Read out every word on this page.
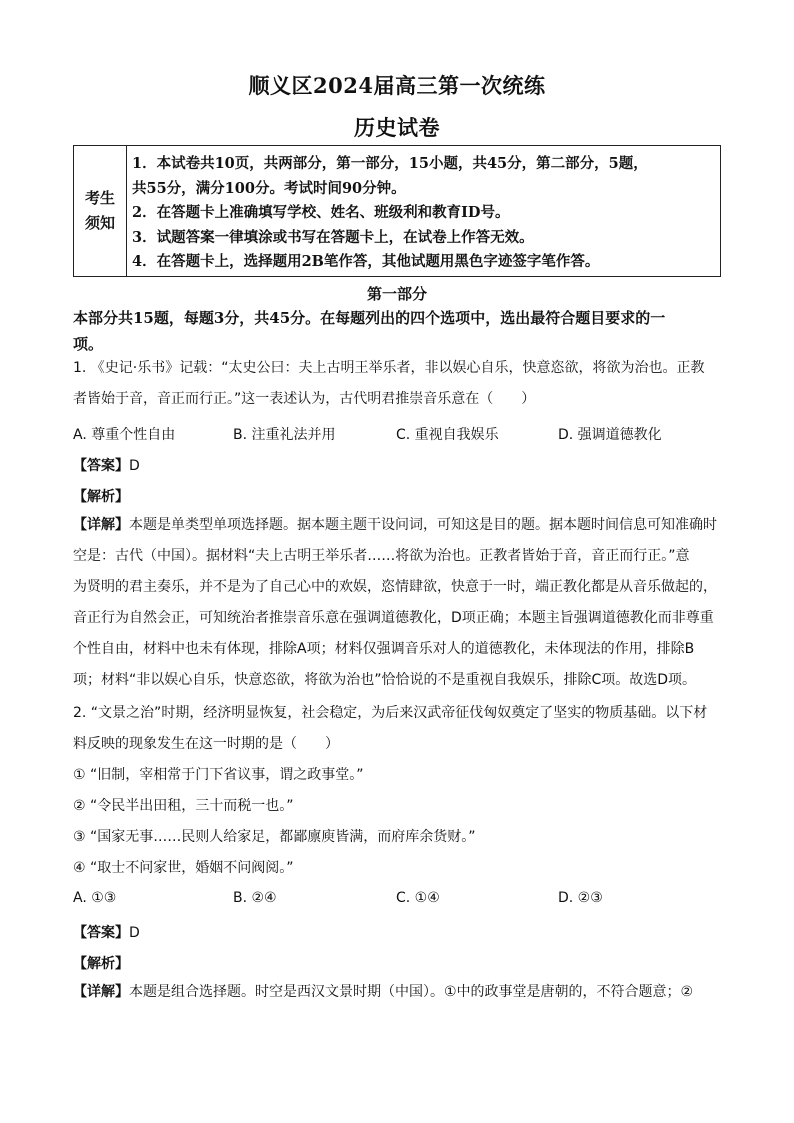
顺义区2024届高三第一次统练
历史试卷
考生
须知
1．本试卷共10页，共两部分，第一部分，15小题，共45分，第二部分，5题，
共55分，满分100分。考试时间90分钟。
2．在答题卡上准确填写学校、姓名、班级利和教育ID号。
3．试题答案一律填涂或书写在答题卡上，在试卷上作答无效。
4．在答题卡上，选择题用2B笔作答，其他试题用黑色字迹签字笔作答。
第一部分
本部分共15题，每题3分，共45分。在每题列出的四个选项中，选出最符合题目要求的一
项。
1. 《史记·乐书》记载：“太史公曰：夫上古明王举乐者，非以娱心自乐，快意恣欲，将欲为治也。正教
者皆始于音，音正而行正。”这一表述认为，古代明君推崇音乐意在（　　）
A. 尊重个性自由	B. 注重礼法并用	C. 重视自我娱乐	D. 强调道德教化
【答案】D
【解析】
【详解】本题是单类型单项选择题。据本题主题干设问词，可知这是目的题。据本题时间信息可知准确时
空是：古代（中国）。据材料“夫上古明王举乐者……将欲为治也。正教者皆始于音，音正而行正。”意
为贤明的君主奏乐，并不是为了自己心中的欢娱，恣情肆欲，快意于一时，端正教化都是从音乐做起的，
音正行为自然会正，可知统治者推崇音乐意在强调道德教化，D项正确；本题主旨强调道德教化而非尊重
个性自由，材料中也未有体现，排除A项；材料仅强调音乐对人的道德教化，未体现法的作用，排除B
项；材料“非以娱心自乐，快意恣欲，将欲为治也”恰恰说的不是重视自我娱乐，排除C项。故选D项。
2. “文景之治”时期，经济明显恢复，社会稳定，为后来汉武帝征伐匈奴奠定了坚实的物质基础。以下材
料反映的现象发生在这一时期的是（　　）
① “旧制，宰相常于门下省议事，谓之政事堂。”
② “令民半出田租，三十而税一也。”
③ “国家无事……民则人给家足，都鄙廪庾皆满，而府库余货财。”
④ “取士不问家世，婚姻不问阀阅。”
A. ①③	B. ②④	C. ①④	D. ②③
【答案】D
【解析】
【详解】本题是组合选择题。时空是西汉文景时期（中国）。①中的政事堂是唐朝的，不符合题意；②
